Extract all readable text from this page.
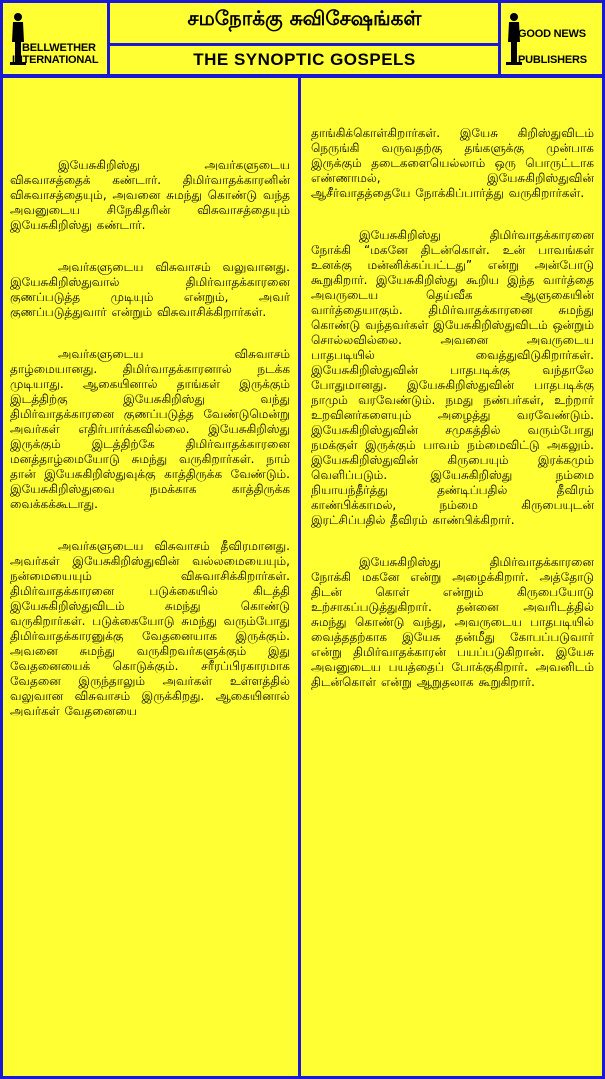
BELLWETHER
INTERNATIONAL
சமநோக்கு சுவிசேஷங்கள்
THE SYNOPTIC GOSPELS
GOOD NEWS
PUBLISHERS

இயேசுகிறிஸ்து அவர்களுடைய விசுவாசத்தைக் கண்டார். திமிர்வாதக்காரனின் விசுவாசத்தையும், அவனை சுமந்து கொண்டு வந்த அவனுடைய சிநேகிதரின் விசுவாசத்தையும் இயேசுகிறிஸ்து கண்டார்.

அவர்களுடைய விசுவாசம் வலுவானது. இயேசுகிறிஸ்துவால் திமிர்வாதக்காரனை குணப்படுத்த முடியும் என்றும், அவர் குணப்படுத்துவார் என்றும் விசுவாசிக்கிறார்கள்.

அவர்களுடைய விசுவாசம் தாழ்மையானது. திமிர்வாதக்காரனால் நடக்க முடியாது. ஆகையினால் தாங்கள் இருக்கும் இடத்திற்கு இயேசுகிறிஸ்து வந்து திமிர்வாதக்காரனை குணப்படுத்த வேண்டுமென்று அவர்கள் எதிர்பார்க்கவில்லை. இயேசுகிறிஸ்து இருக்கும் இடத்திற்கே திமிர்வாதக்காரனை மனத்தாழ்மையோடு சுமந்து வருகிறார்கள். நாம் தான் இயேசுகிறிஸ்துவுக்கு காத்திருக்க வேண்டும். இயேசுகிறிஸ்துவை நமக்காக காத்திருக்க வைக்கக்கூடாது.

அவர்களுடைய விசுவாசம் தீவிரமானது. அவர்கள் இயேசுகிறிஸ்துவின் வல்லமையையும், நன்மையையும் விசுவாசிக்கிறார்கள். திமிர்வாதக்காரனை படுக்கையில் கிடத்தி இயேசுகிறிஸ்துவிடம் சுமந்து கொண்டு வருகிறார்கள். படுக்கையோடு சுமந்து வரும்போது திமிர்வாதக்காரனுக்கு வேதனையாக இருக்கும். அவனை சுமந்து வருகிறவர்களுக்கும் இது வேதனையைக் கொடுக்கும். சரீரப்பிரகாரமாக வேதனை இருந்தாலும் அவர்கள் உள்ளத்தில் வலுவான விசுவாசம் இருக்கிறது. ஆகையினால் அவர்கள் வேதனையை

தாங்கிக்கொள்கிறார்கள். இயேசு கிறிஸ்துவிடம் நெருங்கி வருவதற்கு தங்களுக்கு முன்பாக இருக்கும் தடைகளையெல்லாம் ஒரு பொருட்டாக எண்ணாமல், இயேசுகிறிஸ்துவின் ஆசீர்வாதத்தையே நோக்கிப்பார்த்து வருகிறார்கள்.

இயேசுகிறிஸ்து திமிர்வாதக்காரனை நோக்கி “மகனே திடன்கொள். உன் பாவங்கள் உனக்கு மன்னிக்கப்பட்டது” என்று அன்போடு கூறுகிறார். இயேசுகிறிஸ்து கூறிய இந்த வார்த்தை அவருடைய தெய்வீக ஆளுகையின் வார்த்தையாகும். திமிர்வாதக்காரனை சுமந்து கொண்டு வந்தவர்கள் இயேசுகிறிஸ்துவிடம் ஒன்றும் சொல்லவில்லை. அவனை அவருடைய பாதபடியில் வைத்துவிடுகிறார்கள். இயேசுகிறிஸ்துவின் பாதபடிக்கு வந்தாலே போதுமானது. இயேசுகிறிஸ்துவின் பாதபடிக்கு நாமும் வரவேண்டும். நமது நண்பர்கள், உற்றார் உறவினர்களையும் அழைத்து வரவேண்டும். இயேசுகிறிஸ்துவின் சமுகத்தில் வரும்போது நமக்குள் இருக்கும் பாவம் நம்மைவிட்டு அகலும். இயேசுகிறிஸ்துவின் கிருபையும் இரக்கமும் வெளிப்படும். இயேசுகிறிஸ்து நம்மை நியாயந்தீர்த்து தண்டிப்பதில் தீவிரம் காண்பிக்காமல், நம்மை கிருபையுடன் இரட்சிப்பதில் தீவிரம் காண்பிக்கிறார்.

இயேசுகிறிஸ்து திமிர்வாதக்காரனை நோக்கி மகனே என்று அழைக்கிறார். அத்தோடு திடன் கொள் என்றும் கிருபையோடு உற்சாகப்படுத்துகிறார். தன்னை அவரிடத்தில் சுமந்து கொண்டு வந்து, அவருடைய பாதபடியில் வைத்ததற்காக இயேசு தன்மீது கோபப்படுவார் என்று திமிர்வாதக்காரன் பயப்படுகிறான். இயேசு அவனுடைய பயத்தைப் போக்குகிறார். அவனிடம் திடன்கொள் என்று ஆறுதலாக கூறுகிறார்.
